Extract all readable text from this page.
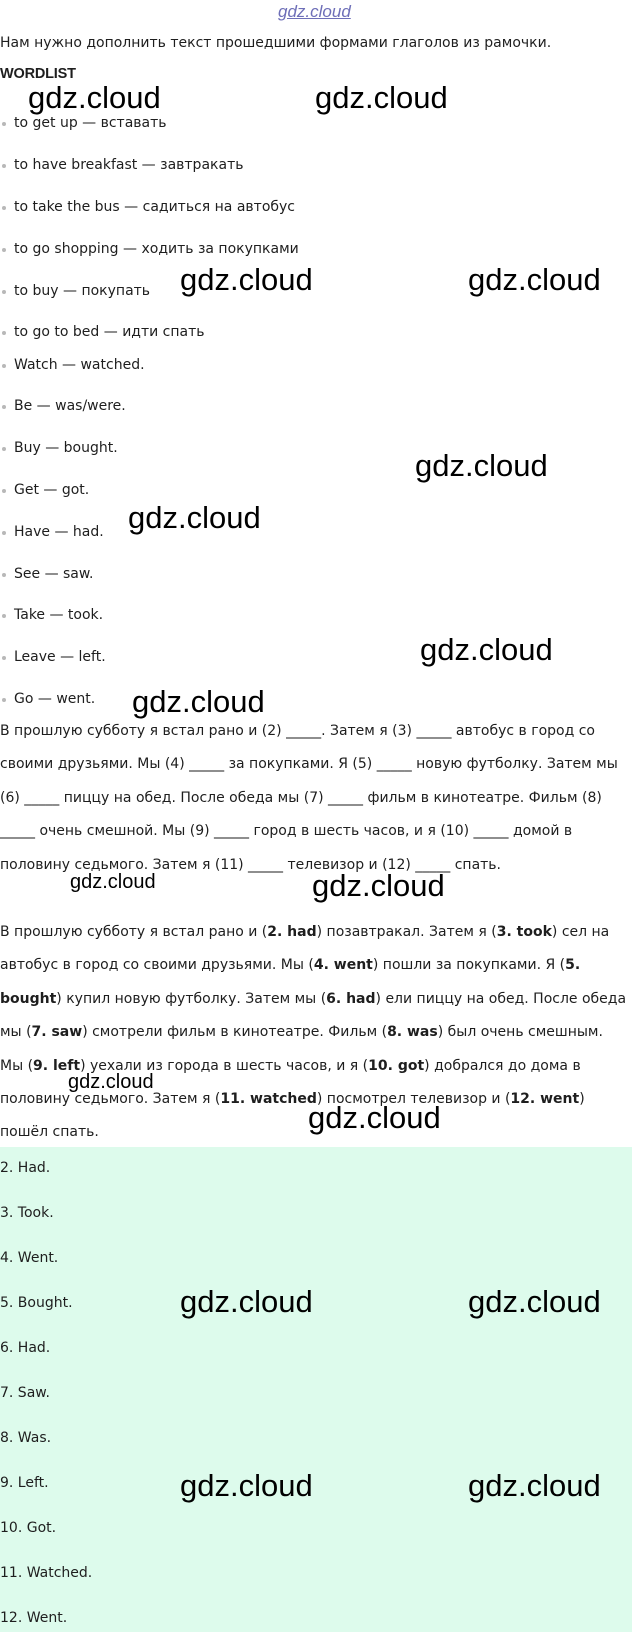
gdz.cloud
Нам нужно дополнить текст прошедшими формами глаголов из рамочки.
WORDLIST
to get up — вставать
to have breakfast — завтракать
to take the bus — садиться на автобус
to go shopping — ходить за покупками
to buy — покупать
to go to bed — идти спать
Watch — watched.
Be — was/were.
Buy — bought.
Get — got.
Have — had.
See — saw.
Take — took.
Leave — left.
Go — went.

В прошлую субботу я встал рано и (2) _____. Затем я (3) _____ автобус в город со своими друзьями. Мы (4) _____ за покупками. Я (5) _____ новую футболку. Затем мы (6) _____ пиццу на обед. После обеда мы (7) _____ фильм в кинотеатре. Фильм (8) _____ очень смешной. Мы (9) _____ город в шесть часов, и я (10) _____ домой в половину седьмого. Затем я (11) _____ телевизор и (12) _____ спать.

В прошлую субботу я встал рано и (2. had) позавтракал. Затем я (3. took) сел на автобус в город со своими друзьями. Мы (4. went) пошли за покупками. Я (5. bought) купил новую футболку. Затем мы (6. had) ели пиццу на обед. После обеда мы (7. saw) смотрели фильм в кинотеатре. Фильм (8. was) был очень смешным. Мы (9. left) уехали из города в шесть часов, и я (10. got) добрался до дома в половину седьмого. Затем я (11. watched) посмотрел телевизор и (12. went) пошёл спать.

2. Had.
3. Took.
4. Went.
5. Bought.
6. Had.
7. Saw.
8. Was.
9. Left.
10. Got.
11. Watched.
12. Went.
gdz.cloud	gdz.cloud
gdz.cloud	gdz.cloud
gdz.cloud
gdz.cloud
gdz.cloud
gdz.cloud
gdz.cloud	gdz.cloud
gdz.cloud
gdz.cloud
gdz.cloud	gdz.cloud
gdz.cloud	gdz.cloud
